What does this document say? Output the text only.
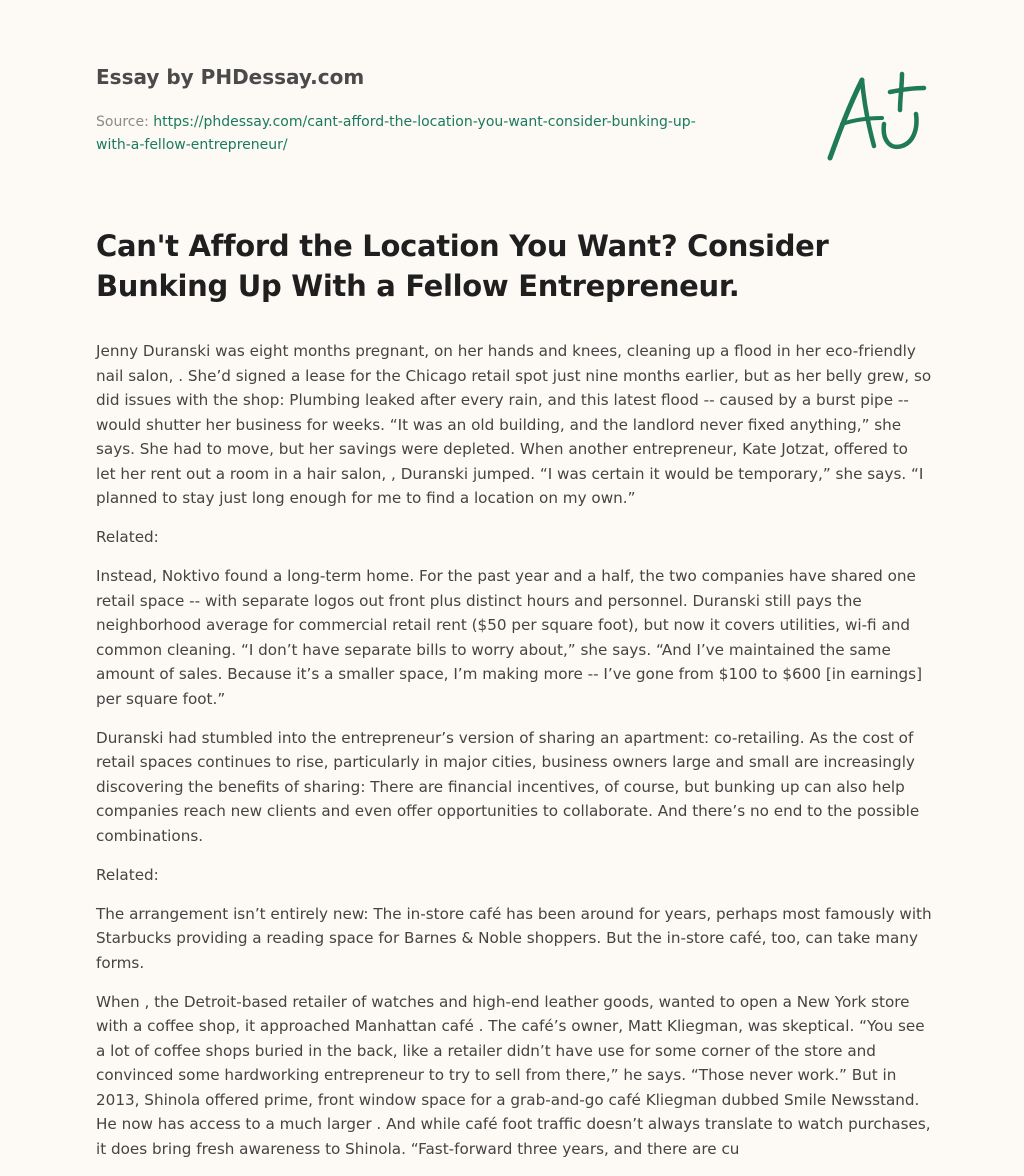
Essay by PHDessay.com
Source: https://phdessay.com/cant-afford-the-location-you-want-consider-bunking-up-
with-a-fellow-entrepreneur/
Can't Afford the Location You Want? Consider Bunking Up With a Fellow Entrepreneur.

Jenny Duranski was eight months pregnant, on her hands and knees, cleaning up a flood in her eco-friendly nail salon, . She’d signed a lease for the Chicago retail spot just nine months earlier, but as her belly grew, so did issues with the shop: Plumbing leaked after every rain, and this latest flood -- caused by a burst pipe -- would shutter her business for weeks. “It was an old building, and the landlord never fixed anything,” she says. She had to move, but her savings were depleted. When another entrepreneur, Kate Jotzat, offered to let her rent out a room in a hair salon, , Duranski jumped. “I was certain it would be temporary,” she says. “I planned to stay just long enough for me to find a location on my own.”

Related:

Instead, Noktivo found a long-term home. For the past year and a half, the two companies have shared one retail space -- with separate logos out front plus distinct hours and personnel. Duranski still pays the neighborhood average for commercial retail rent ($50 per square foot), but now it covers utilities, wi-fi and common cleaning. “I don’t have separate bills to worry about,” she says. “And I’ve maintained the same amount of sales. Because it’s a smaller space, I’m making more -- I’ve gone from $100 to $600 [in earnings] per square foot.”

Duranski had stumbled into the entrepreneur’s version of sharing an apartment: co-retailing. As the cost of retail spaces continues to rise, particularly in major cities, business owners large and small are increasingly discovering the benefits of sharing: There are financial incentives, of course, but bunking up can also help companies reach new clients and even offer opportunities to collaborate. And there’s no end to the possible combinations.

Related:

The arrangement isn’t entirely new: The in-store café has been around for years, perhaps most famously with Starbucks providing a reading space for Barnes & Noble shoppers. But the in-store café, too, can take many forms.

When , the Detroit-based retailer of watches and high-end leather goods, wanted to open a New York store with a coffee shop, it approached Manhattan café . The café’s owner, Matt Kliegman, was skeptical. “You see a lot of coffee shops buried in the back, like a retailer didn’t have use for some corner of the store and convinced some hardworking entrepreneur to try to sell from there,” he says. “Those never work.” But in 2013, Shinola offered prime, front window space for a grab-and-go café Kliegman dubbed Smile Newsstand. He now has access to a much larger . And while café foot traffic doesn’t always translate to watch purchases, it does bring fresh awareness to Shinola. “Fast-forward three years, and there are cu
